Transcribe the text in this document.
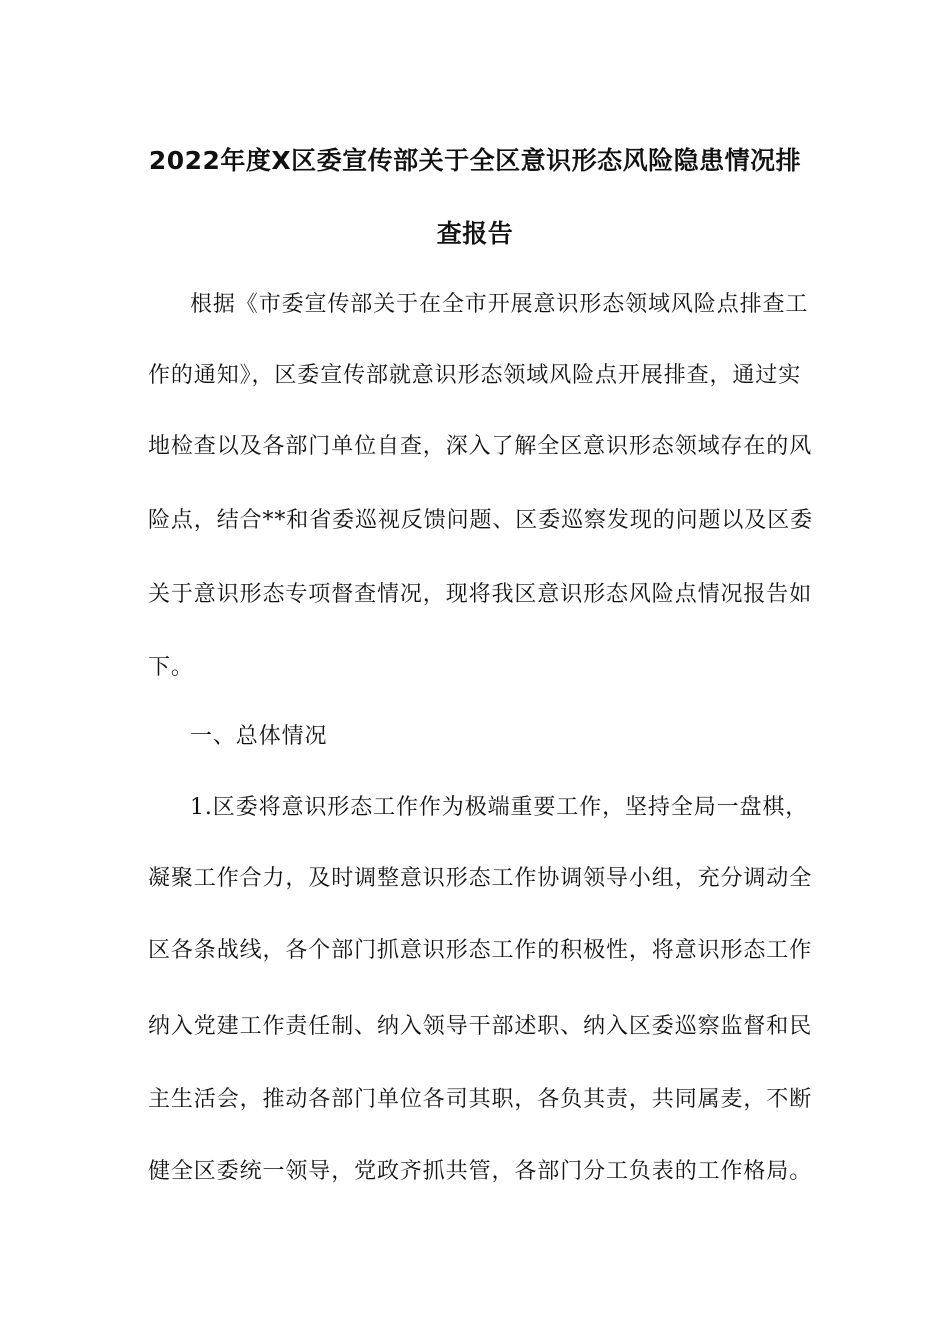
2022年度X区委宣传部关于全区意识形态风险隐患情况排
查报告
根据《市委宣传部关于在全市开展意识形态领域风险点排查工
作的通知》，区委宣传部就意识形态领域风险点开展排查，通过实
地检查以及各部门单位自查，深入了解全区意识形态领域存在的风
险点，结合**和省委巡视反馈问题、区委巡察发现的问题以及区委
关于意识形态专项督查情况，现将我区意识形态风险点情况报告如
下。
一、总体情况
1.区委将意识形态工作作为极端重要工作，坚持全局一盘棋，
凝聚工作合力，及时调整意识形态工作协调领导小组，充分调动全
区各条战线，各个部门抓意识形态工作的积极性，将意识形态工作
纳入党建工作责任制、纳入领导干部述职、纳入区委巡察监督和民
主生活会，推动各部门单位各司其职，各负其责，共同属麦，不断
健全区委统一领导，党政齐抓共管，各部门分工负表的工作格局。
